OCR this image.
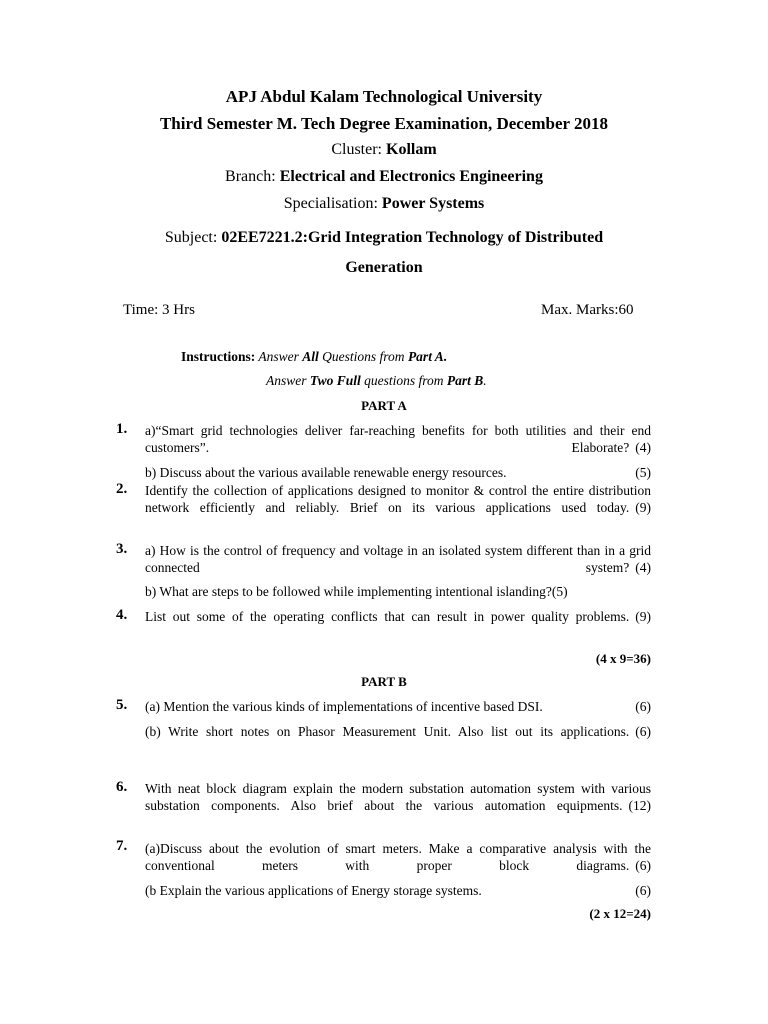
APJ Abdul Kalam Technological University
Third Semester M. Tech Degree Examination, December 2018
Cluster: Kollam
Branch: Electrical and Electronics Engineering
Specialisation: Power Systems
Subject: 02EE7221.2:Grid Integration Technology of Distributed
Generation
Time: 3 Hrs	Max. Marks:60
Instructions: Answer All Questions from Part A.
Answer Two Full questions from Part B.
PART A
1. a)“Smart grid technologies deliver far-reaching benefits for both utilities and their end customers”. Elaborate? (4)
(5)
b) Discuss about the various available renewable energy resources.
2. Identify the collection of applications designed to monitor & control the entire distribution network efficiently and reliably. Brief on its various applications used today. (9)
3. a) How is the control of frequency and voltage in an isolated system different than in a grid connected system? (4)
b) What are steps to be followed while implementing intentional islanding?(5)
4. List out some of the operating conflicts that can result in power quality problems. (9)
(4 x 9=36)
PART B
5.	(6)
(a) Mention the various kinds of implementations of incentive based DSI.
(b) Write short notes on Phasor Measurement Unit. Also list out its applications. (6)
6. With neat block diagram explain the modern substation automation system with various substation components. Also brief about the various automation equipments. (12)
7. (a)Discuss about the evolution of smart meters. Make a comparative analysis with the conventional meters with proper block diagrams. (6)
(6)
(b Explain the various applications of Energy storage systems.
(2 x 12=24)
